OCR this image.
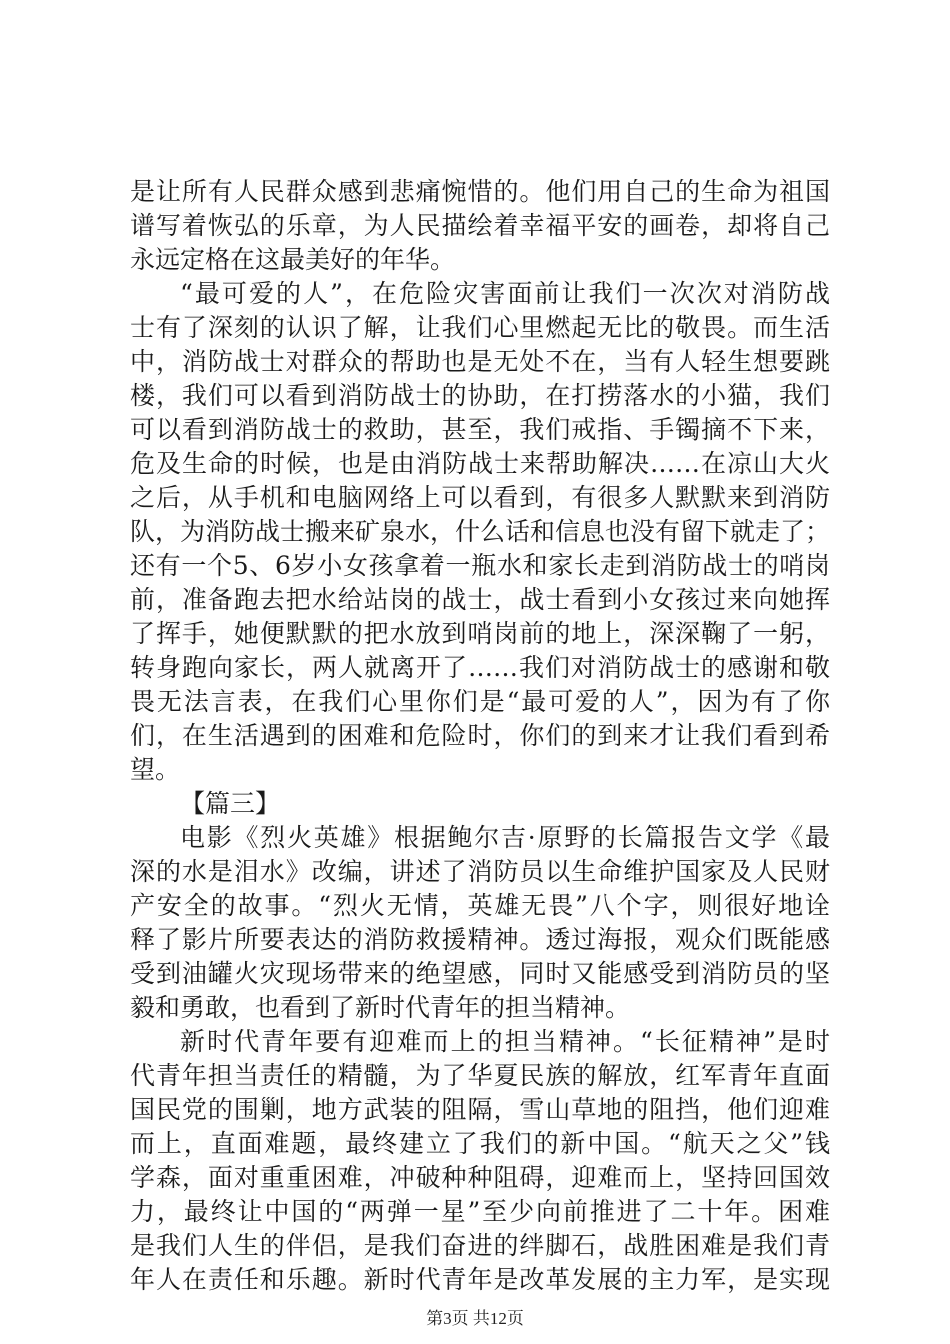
是让所有人民群众感到悲痛惋惜的。他们用自己的生命为祖国
谱写着恢弘的乐章，为人民描绘着幸福平安的画卷，却将自己
永远定格在这最美好的年华。
“最可爱的人”，在危险灾害面前让我们一次次对消防战
士有了深刻的认识了解，让我们心里燃起无比的敬畏。而生活
中，消防战士对群众的帮助也是无处不在，当有人轻生想要跳
楼，我们可以看到消防战士的协助，在打捞落水的小猫，我们
可以看到消防战士的救助，甚至，我们戒指、手镯摘不下来，
危及生命的时候，也是由消防战士来帮助解决……在凉山大火
之后，从手机和电脑网络上可以看到，有很多人默默来到消防
队，为消防战士搬来矿泉水，什么话和信息也没有留下就走了；
还有一个5、6岁小女孩拿着一瓶水和家长走到消防战士的哨岗
前，准备跑去把水给站岗的战士，战士看到小女孩过来向她挥
了挥手，她便默默的把水放到哨岗前的地上，深深鞠了一躬，
转身跑向家长，两人就离开了……我们对消防战士的感谢和敬
畏无法言表，在我们心里你们是“最可爱的人”，因为有了你
们，在生活遇到的困难和危险时，你们的到来才让我们看到希
望。
【篇三】
电影《烈火英雄》根据鲍尔吉·原野的长篇报告文学《最
深的水是泪水》改编，讲述了消防员以生命维护国家及人民财
产安全的故事。“烈火无情，英雄无畏”八个字，则很好地诠
释了影片所要表达的消防救援精神。透过海报，观众们既能感
受到油罐火灾现场带来的绝望感，同时又能感受到消防员的坚
毅和勇敢，也看到了新时代青年的担当精神。
新时代青年要有迎难而上的担当精神。“长征精神”是时
代青年担当责任的精髓，为了华夏民族的解放，红军青年直面
国民党的围剿，地方武装的阻隔，雪山草地的阻挡，他们迎难
而上，直面难题，最终建立了我们的新中国。“航天之父”钱
学森，面对重重困难，冲破种种阻碍，迎难而上，坚持回国效
力，最终让中国的“两弹一星”至少向前推进了二十年。困难
是我们人生的伴侣，是我们奋进的绊脚石，战胜困难是我们青
年人在责任和乐趣。新时代青年是改革发展的主力军，是实现
第3页 共12页
